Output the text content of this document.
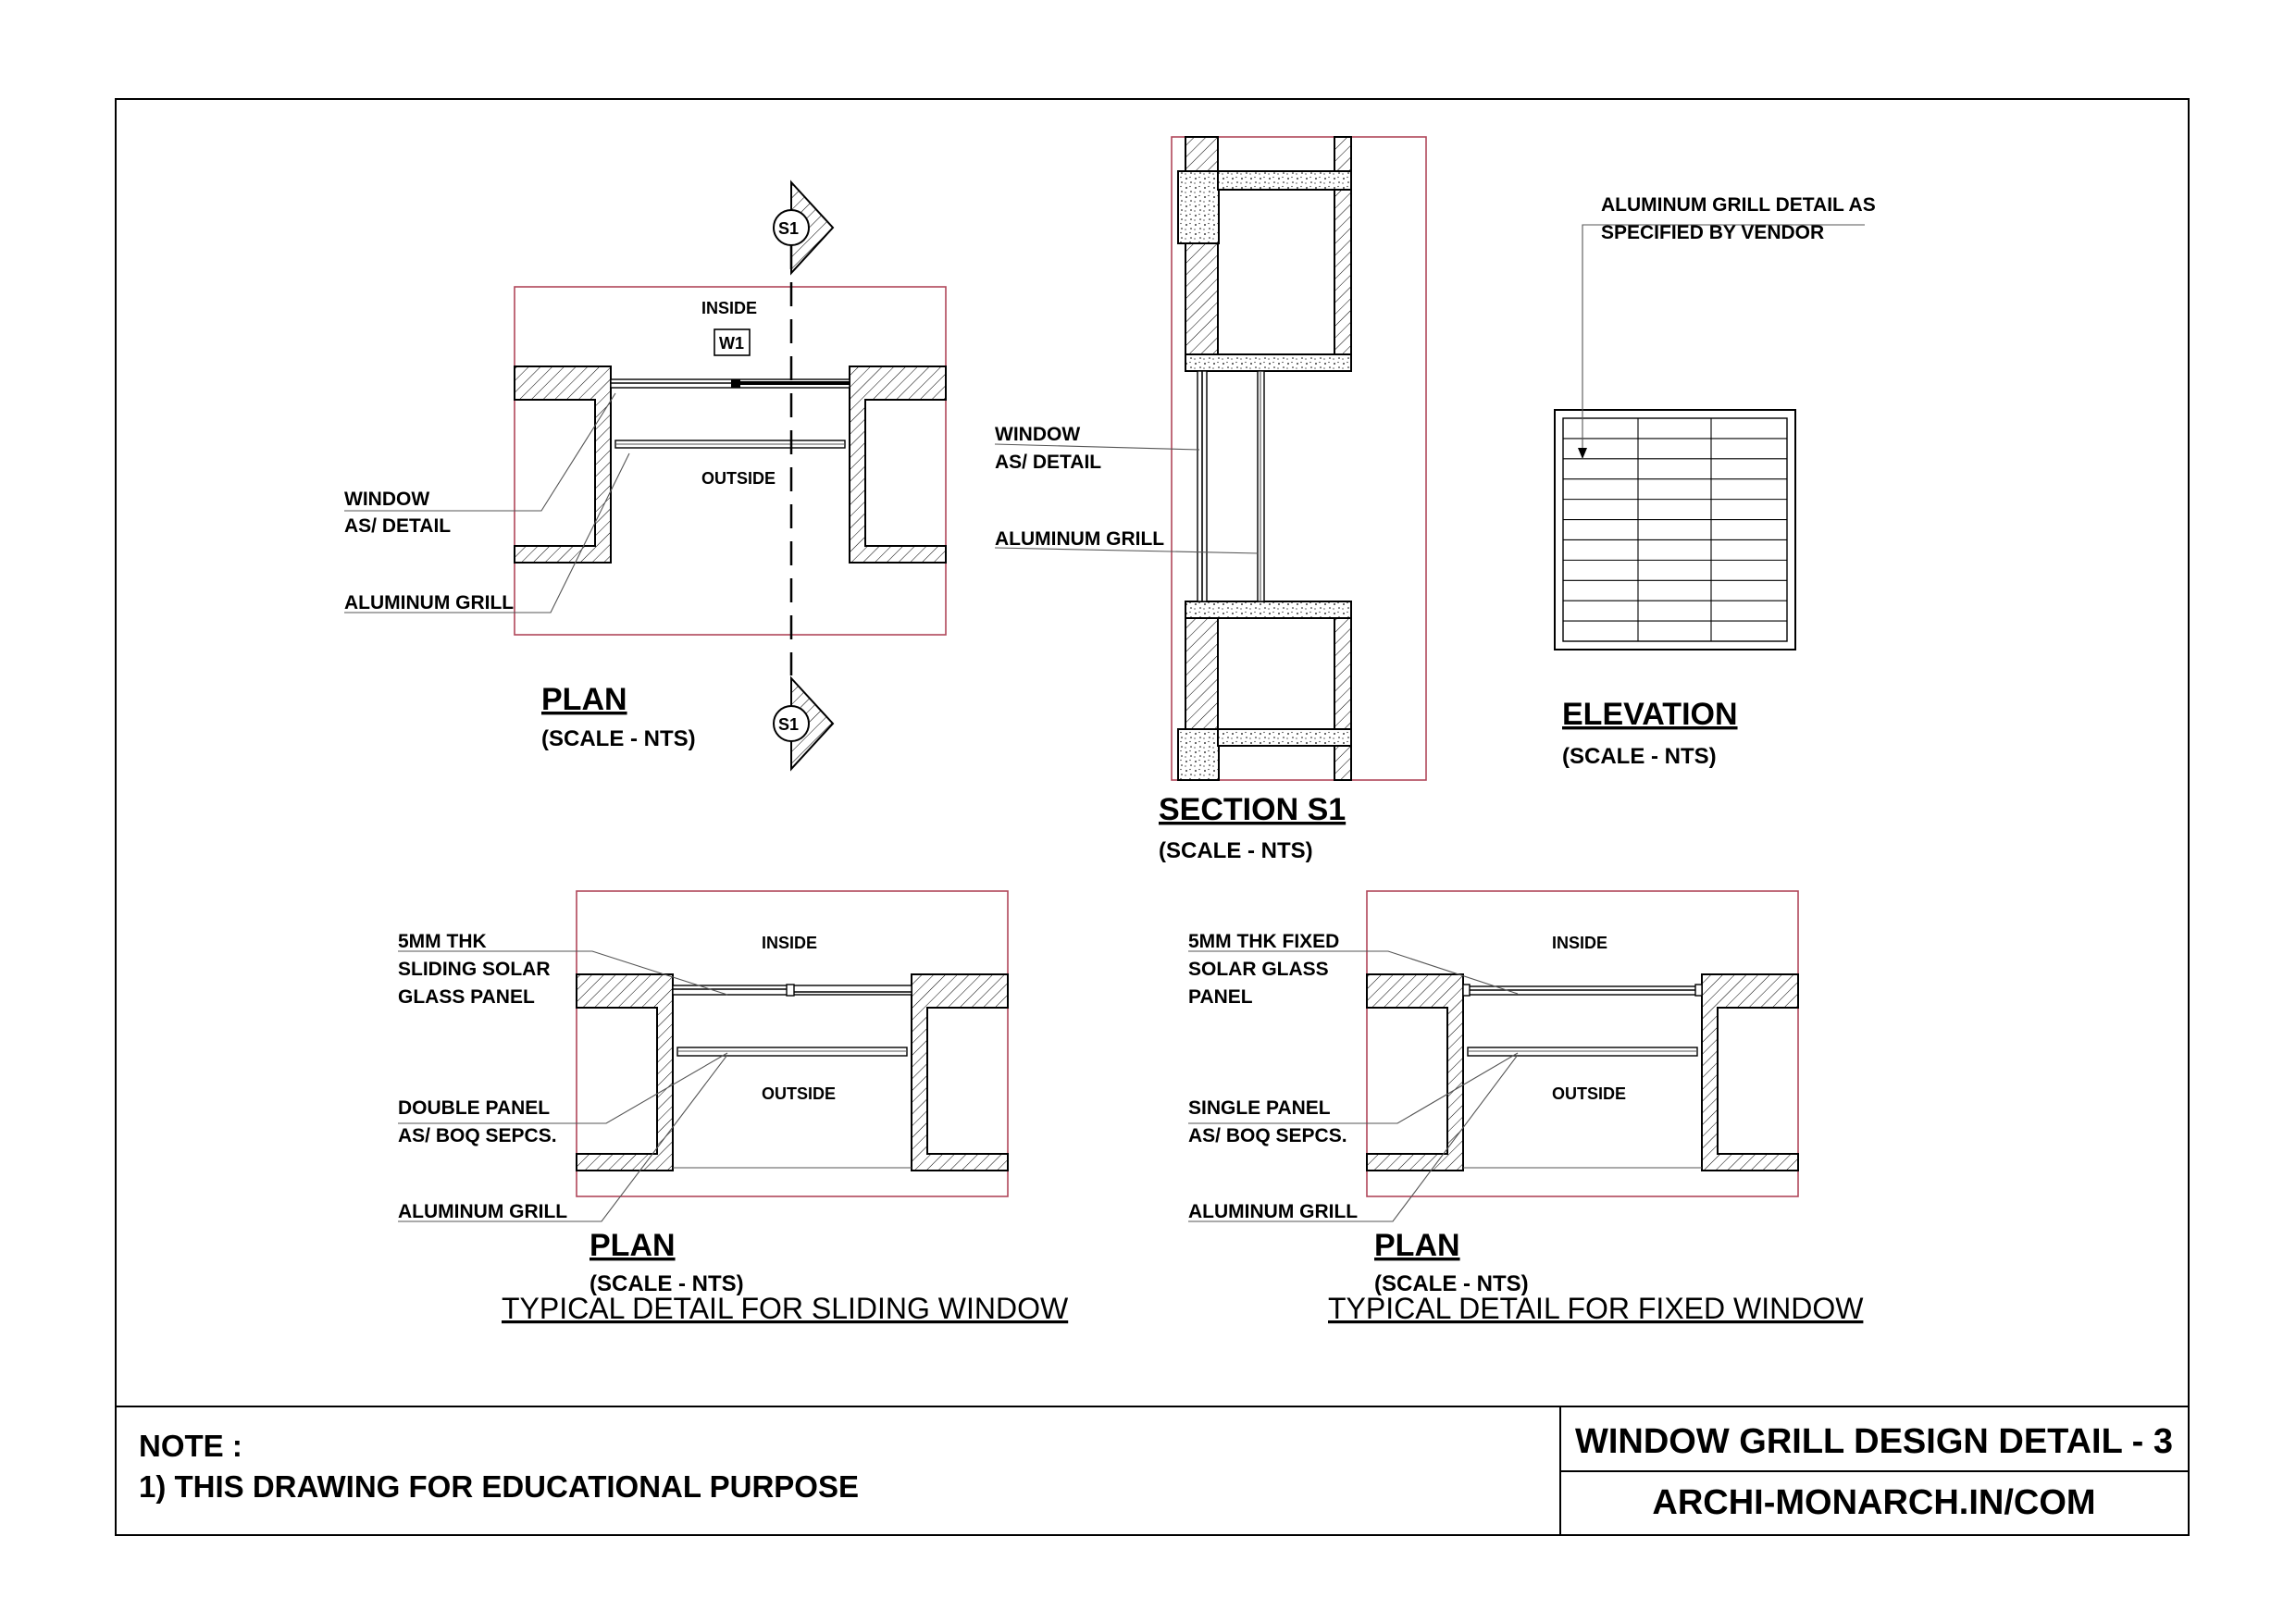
INSIDE
W1
OUTSIDE
WINDOW
AS/ DETAIL
ALUMINUM GRILL
S1
S1
PLAN
(SCALE - NTS)
WINDOW
AS/ DETAIL
ALUMINUM GRILL
SECTION S1
(SCALE - NTS)
ALUMINUM GRILL DETAIL AS
SPECIFIED BY VENDOR
ELEVATION
(SCALE - NTS)
INSIDE
OUTSIDE
5MM THK
SLIDING SOLAR
GLASS PANEL
DOUBLE PANEL
AS/ BOQ SEPCS.
ALUMINUM GRILL
PLAN
(SCALE - NTS)
TYPICAL DETAIL FOR SLIDING WINDOW
INSIDE
OUTSIDE
5MM THK FIXED
SOLAR GLASS
PANEL
SINGLE PANEL
AS/ BOQ SEPCS.
ALUMINUM GRILL
PLAN
(SCALE - NTS)
TYPICAL DETAIL FOR FIXED WINDOW
NOTE :
1) THIS DRAWING FOR EDUCATIONAL PURPOSE
WINDOW GRILL DESIGN DETAIL - 3
ARCHI-MONARCH.IN/COM
